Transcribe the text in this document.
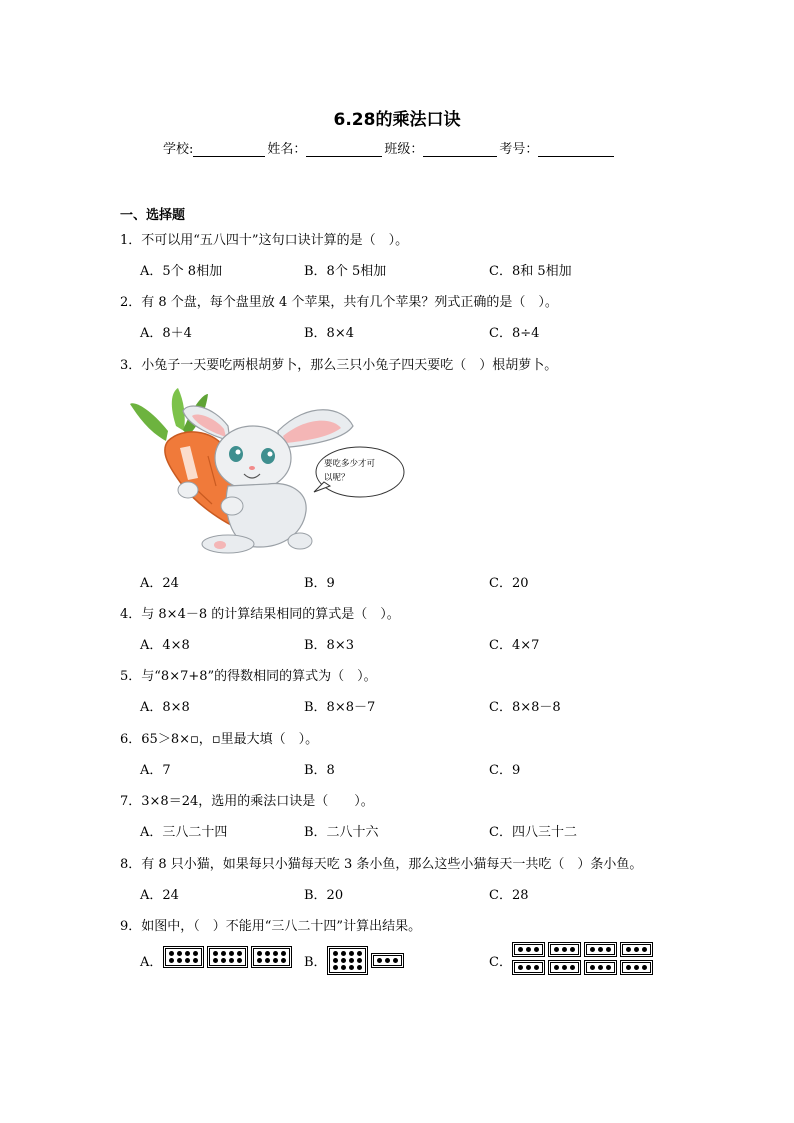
6.28的乘法口诀
学校:	姓名：	班级：	考号：
一、选择题
1．不可以用“五八四十”这句口诀计算的是（　）。
A．5个 8相加	B．8个 5相加	C．8和 5相加
2．有 8 个盘，每个盘里放 4 个苹果，共有几个苹果？列式正确的是（　）。
A．8＋4	B．8×4	C．8÷4
3．小兔子一天要吃两根胡萝卜，那么三只小兔子四天要吃（　）根胡萝卜。
要吃多少才可
以呢？
A．24	B．9	C．20
4．与 8×4－8 的计算结果相同的算式是（　）。
A．4×8	B．8×3	C．4×7
5．与“8×7+8”的得数相同的算式为（　）。
A．8×8	B．8×8－7	C．8×8－8
6．65＞8×▫，▫里最大填（　）。
A．7	B．8	C．9
7．3×8＝24，选用的乘法口诀是（　　）。
A．三八二十四	B．二八十六	C．四八三十二
8．有 8 只小猫，如果每只小猫每天吃 3 条小鱼，那么这些小猫每天一共吃（　）条小鱼。
A．24	B．20	C．28
9．如图中，（　）不能用“三八二十四”计算出结果。
A．	B．	C．
